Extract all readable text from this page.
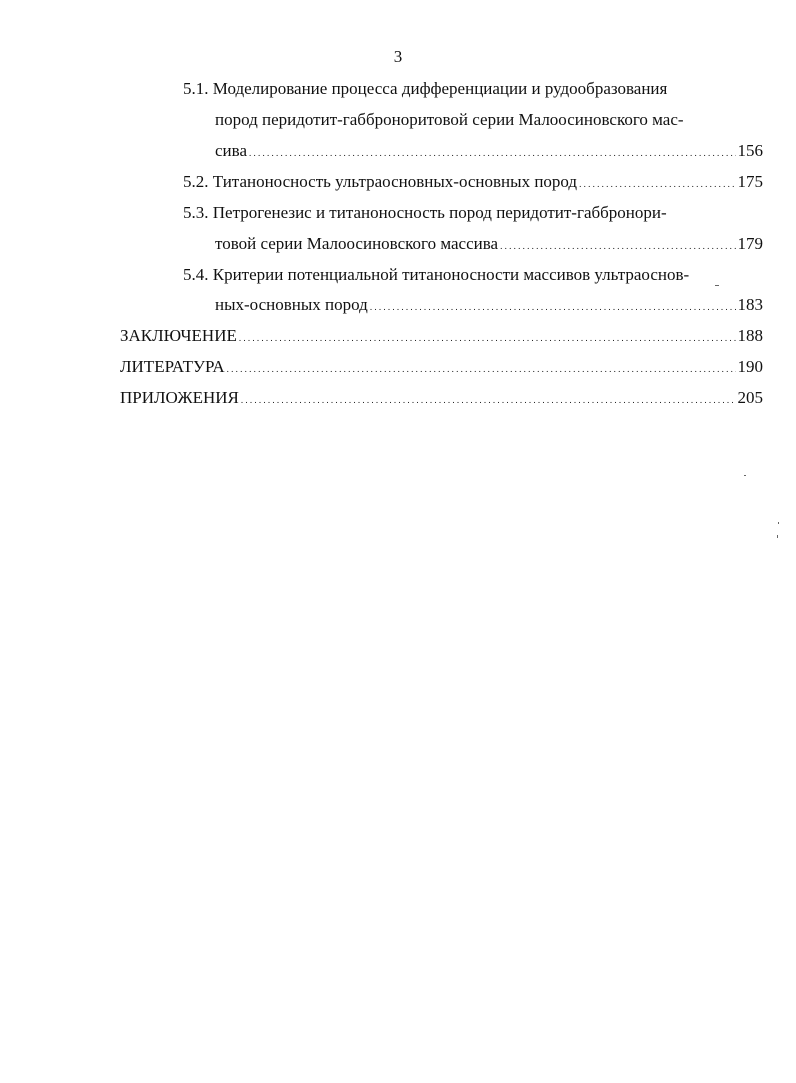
3
5.1. Моделирование процесса дифференциации и рудообразования
пород перидотит-габброноритовой серии Малоосиновского мас-
сива . . .	156
5.2. Титаноносность ультраосновных-основных пород . . .	175
5.3. Петрогенезис и титаноносность пород перидотит-габбронори-
товой серии Малоосиновского массива . . .	179
5.4. Критерии потенциальной титаноносности массивов ультраоснов-
ных-основных пород . . .	183
ЗАКЛЮЧЕНИЕ . . .	188
ЛИТЕРАТУРА . . .	190
ПРИЛОЖЕНИЯ . . .	205
